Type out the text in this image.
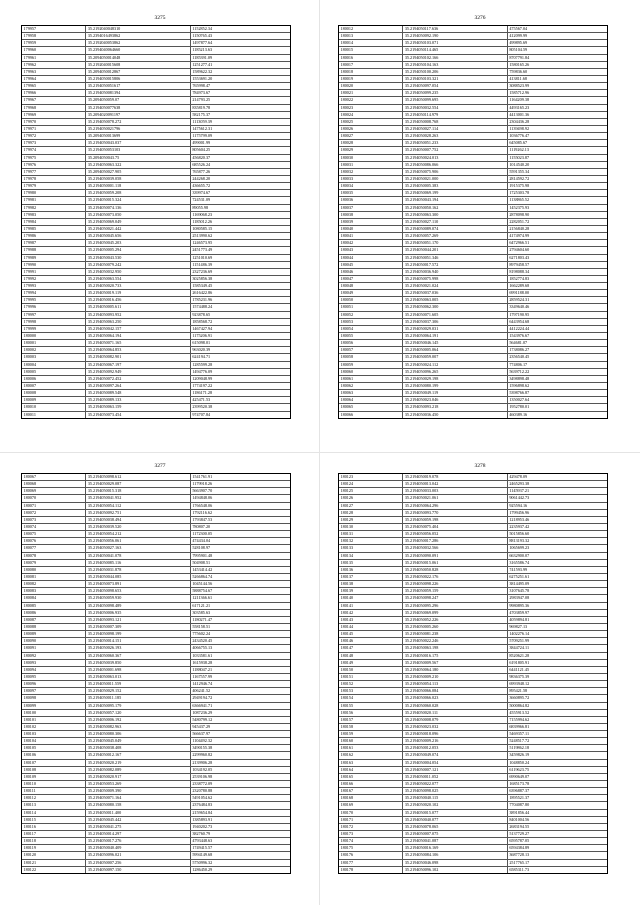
3275
179957	35.2192040048310	1152852.34
179958	35.2394016493862	1150765.43
179959	35.2192040053862	1497877.64
179960	35.2394040064660	1185213.63
179961	35.2094050014048	1185391.09
179962	35.2192040015608	1251277.41
179963	35.2094050012867	1589622.32
179964	35.2194050015806	1553691.20
179965	35.2194050051617	765998.47
179966	35.2194050081394	784973.67
179967	35.2094050059.07	214793.25
179968	35.2194050077638	835819.78
179969	35.2094020091197	582175.37
179970	35.2194050078.272	1113059.39
179971	35.2194050021796	1475612.31
179972	35.2094050013699	1175799.09
179973	35.2194050043.037	499001.99
179974	35.2194050053103	805604.25
179975	35.2094050043.75	456820.37
179976	35.2194050063.322	685526.24
179977	35.2094050027.905	765877.26
179978	35.2194050039.058	244268.20
179979	35.2194050001.118	436655.72
179980	35.2194050059.208	339974.67
179981	35.2194050015.324	724531.09
179982	35.2194050074.136	89055.98
179983	35.2194050073.050	1169068.23
179984	35.2194050069.049	1185012.26
179985	35.2194050021.442	1080585.15
179986	35.2194050045.656	2513990.62
179987	35.2194050045.203	1246573.95
179988	35.2194050005.294	2451773.49
179989	35.2194050043.530	1251010.69
179990	35.2194050079.242	1151486.39
179991	35.2194050032.950	2327236.69
179992	35.2194050063.554	3025856.38
179993	35.2194050020.733	1585349.45
179994	35.2194050019.119	2616422.86
179995	35.2194050016.456	1785231.96
179996	35.2194050005.611	1574488.24
179997	35.2194050093.952	923878.65
179998	35.2194050063.250	1858568.72
179999	35.2194050042.157	1467427.94
180000	35.2194050064.194	1175206.91
180001	35.2194050071.165	615098.01
180002	35.2194050064.853	963020.39
180003	35.2194050082.901	624194.71
180004	35.2194050067.197	1285599.28
180005	35.2194050092.949	1494776.09
180006	35.2194050072.452	1209048.99
180007	35.2194050097.264	1774197.22
180008	35.2194050089.548	1186171.28
180009	35.2194050089.133	425471.53
180010	35.2194050063.159	2399520.38
180011	35.2194050073.454	974707.84
3276
180012	35.2194050117.636	475567.04
180013	35.2194050092.190	412099.99
180014	35.2194050103.071	499895.69
180015	35.2194050114.465	805104.59
180016	35.2194050102.166	8707791.84
180017	35.2194050104.163	1580165.26
180018	35.2194050100.206	759836.60
180019	35.2194050103.321	413811.68
180020	35.2194050097.054	3088523.99
180021	35.2194050099.235	1585712.96
180022	35.2194050099.695	1164209.38
180023	35.2194050032.554	4493165.23
180024	35.2194050114.979	4413001.36
180025	35.2194050008.768	2304436.28
180026	35.2194050027.114	1139498.92
180027	35.2194050028.263	1036776.47
180028	35.2194050051.233	645085.67
180029	35.2194050007.752	1119262.13
180030	35.2194050024.013	1155023.87
180031	35.2194050086.066	1014540.20
180032	35.2194050075.906	5591355.34
180033	35.2194050021.000	2814592.72
180034	35.2194050005.383	1915375.98
180035	35.2194050069.199	1725303.78
180036	35.2194050043.194	1138865.52
180037	35.2194050050.162	1452375.93
180038	35.2194050063.300	2878098.90
180039	35.2194050027.110	2282051.72
180040	35.2194050089.074	2156840.28
180041	35.2194050057.269	4174974.99
180042	35.2194050051.170	6472966.51
180043	35.2194050044.201	2794604.60
180044	35.2194050051.346	6271803.43
180045	35.2194050017.572	8979458.57
180046	35.2194050036.940	8198088.34
180047	35.2194050075.998	1852774.83
180048	35.2194050021.024	1662289.68
180049	35.2194050037.036	6991188.00
180050	35.2194050063.005	2859524.31
180051	35.2194050062.300	3349640.46
180052	35.2194050071.605	1797190.95
180053	35.2194050037.306	6443954.68
180054	35.2194050029.031	4412224.44
180055	35.2194050064.191	1543976.67
180056	35.2194050046.145	564681.07
180057	35.2194050005.064	1738086.27
180058	35.2194050059.007	2356540.45
180059	35.2194050024.112	774806.17
180060	35.2194050096.265	5639712.22
180061	35.2194050029.198	3498898.48
180062	35.2194050080.199	1596898.62
180063	35.2194050049.119	5398766.87
180064	35.2194050023.046	1350027.64
180065	35.2194050093.218	1952780.01
180066	35.2194050036.450	460389.16
3277
180067	35.2194050098.612	1541761.91
180068	35.2194050029.087	1179918.26
180069	35.2194050015.318	5663907.70
180070	35.2194050041.952	1494848.06
180071	35.2194050054.112	1766548.06
180072	35.2194050092.751	1792116.62
180073	35.2194050038.494	1793847.53
180074	35.2194050039.520	780807.20
180075	35.2194050054.212	1172300.05
180076	35.2194050056.061	474434.04
180077	35.2194050027.163	528108.97
180078	35.2194050041.078	7995901.48
180079	35.2194050085.116	504908.51
180080	35.2194050031.878	1453414.42
180081	35.2194050044.085	5266864.74
180082	35.2194050073.891	1045144.56
180083	35.2194050098.653	5888754.67
180084	35.2194050059.930	1211366.61
180085	35.2194050098.489	617121.21
180086	35.2194050006.935	303585.63
180087	35.2194050093.121	1180271.47
180088	35.2194050007.309	558158.51
180089	35.2194050098.199	775602.24
180090	35.2194050014.151	2434520.45
180091	35.2194050026.193	4066755.13
180092	35.2194050060.367	1033581.61
180093	35.2194050039.850	1615938.28
180094	35.2194050001.698	1188047.21
180095	35.2194050063.013	1167557.99
180096	35.2194050011.559	1412946.74
180097	35.2194050029.152	406241.52
180098	35.2194050011.185	2949194.72
180099	35.2194050095.179	6366941.71
180100	35.2194050057.120	1087236.29
180101	35.2194050006.192	5480799.12
180102	35.2194050082.963	945437.29
180103	35.2194050080.306	566637.97
180104	35.2194050045.049	1104492.32
180105	35.2194050038.408	3490155.38
180106	35.2194050012.167	2299960.82
180107	35.2194050020.219	2139906.28
180108	35.2194050082.089	1034192.05
180109	35.2194050020.917	2539106.98
180110	35.2194050053.269	2338772.09
180111	35.2194050009.390	2320780.88
180112	35.2194050071.164	5491054.62
180113	35.2194050080.158	2376484.83
180114	35.2194050011.400	2159654.84
180115	35.2194050045.442	1385893.91
180116	35.2194050041.275	1940202.73
180117	35.2194050014.297	382760.79
180118	35.2194050017.276	4793448.63
180119	35.2194050040.409	1749415.57
180120	35.2194050096.021	5994149.68
180121	35.2194050007.256	5750996.32
180122	35.2194050097.150	1286450.29
3278
180123	35.2194050019.078	429478.09
180124	35.2194050013.042	2465293.38
180125	35.2194050033.003	1145937.21
180126	35.2194050021.061	9061442.73
180127	35.2194050064.296	925594.16
180128	35.2194050093.770	1799456.96
180129	35.2194050059.198	1218953.46
180130	35.2194050075.404	2235937.42
180131	35.2194050056.052	5015856.60
180132	35.2194050017.286	8813193.32
180133	35.2194050032.566	1065699.23
180134	35.2194050090.091	6632900.07
180135	35.2194050015.061	3165586.74
180136	35.2194050050.828	741593.99
180137	35.2194050022.176	6275251.61
180138	35.2194050098.226	3814495.09
180139	35.2194050059.159	3107645.78
180140	35.2194050098.247	2983947.08
180141	35.2194050095.296	9980895.36
180142	35.2194050069.099	4703859.97
180143	35.2194050052.226	4059894.81
180144	35.2194050005.260	969827.13
180145	35.2194050081.238	1402276.14
180146	35.2194050022.246	5709251.99
180147	35.2194050063.198	3844724.11
180148	35.2194050016.175	8520621.28
180149	35.2194050009.567	6191805.91
180150	35.2194050064.180	6441121.45
180151	35.2194050009.210	9836375.39
180152	35.2194050054.113	6993948.12
180153	35.2194050066.084	895421.58
180154	35.2194050066.023	3660895.72
180155	35.2194050060.028	5000864.82
180156	35.2194050020.111	4555913.52
180157	35.2194050008.079	7155994.62
180158	35.2194050023.032	6839966.81
180159	35.2194050018.096	5469357.11
180160	35.2194050009.216	5248517.72
180161	35.2194050012.053	5119862.18
180162	35.2194050049.074	3459826.19
180163	35.2194050004.054	1048850.24
180164	35.2194050007.121	6119623.75
180165	35.2194050011.052	6990649.07
180166	35.2194050022.077	1685173.78
180167	35.2194050098.025	6396887.37
180168	35.2194050040.115	1895521.37
180169	35.2194050020.102	7704087.80
180170	35.2194050015.077	3891856.44
180171	35.2194050040.077	8401004.56
180172	35.2194050078.065	2683194.55
180173	35.2194050007.075	5137729.27
180174	35.2194050041.087	6595787.05
180175	35.2194050016.169	6594384.89
180176	35.2194050084.106	3687728.13
180177	35.2194050046.098	2517765.17
180178	35.2194050096.102	6585311.73
